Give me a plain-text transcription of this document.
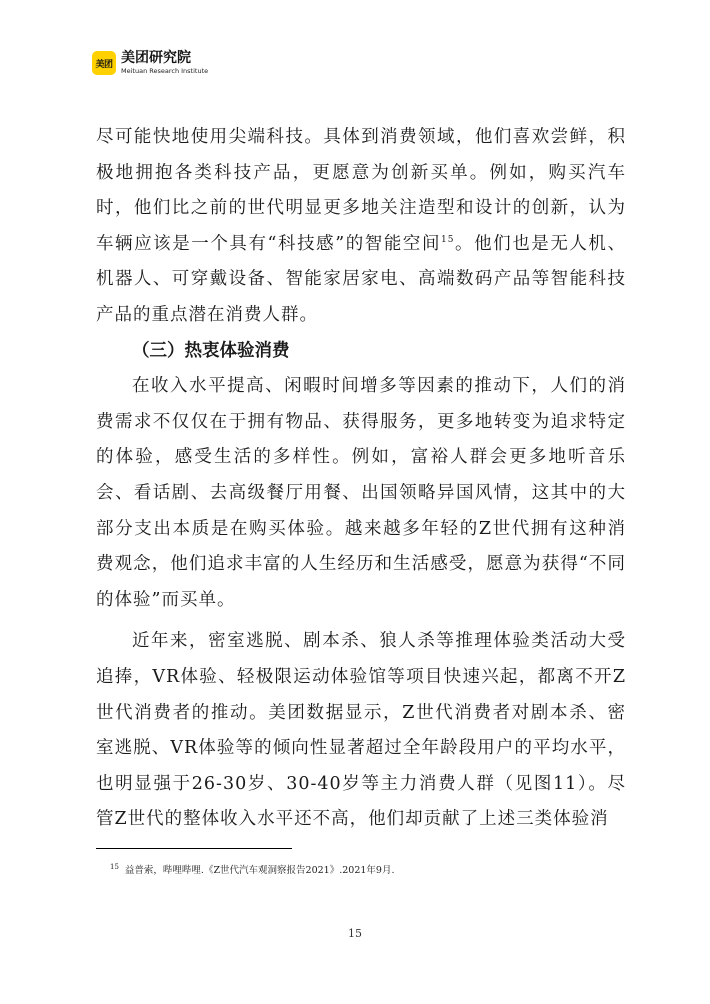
美团 美团研究院
Meituan Research Institute

尽可能快地使用尖端科技。具体到消费领域，他们喜欢尝鲜，积极地拥抱各类科技产品，更愿意为创新买单。例如，购买汽车时，他们比之前的世代明显更多地关注造型和设计的创新，认为车辆应该是一个具有“科技感”的智能空间$^{15}$。他们也是无人机、机器人、可穿戴设备、智能家居家电、高端数码产品等智能科技产品的重点潜在消费人群。

（三）热衷体验消费

在收入水平提高、闲暇时间增多等因素的推动下，人们的消费需求不仅仅在于拥有物品、获得服务，更多地转变为追求特定的体验，感受生活的多样性。例如，富裕人群会更多地听音乐会、看话剧、去高级餐厅用餐、出国领略异国风情，这其中的大部分支出本质是在购买体验。越来越多年轻的Z世代拥有这种消费观念，他们追求丰富的人生经历和生活感受，愿意为获得“不同的体验”而买单。

近年来，密室逃脱、剧本杀、狼人杀等推理体验类活动大受追捧，VR体验、轻极限运动体验馆等项目快速兴起，都离不开Z世代消费者的推动。美团数据显示，Z世代消费者对剧本杀、密室逃脱、VR体验等的倾向性显著超过全年龄段用户的平均水平，也明显强于26-30岁、30-40岁等主力消费人群（见图11）。尽管Z世代的整体收入水平还不高，他们却贡献了上述三类体验消

$^{15}$ 益普索，哔哩哔哩.《Z世代汽车观洞察报告2021》.2021年9月.
15
